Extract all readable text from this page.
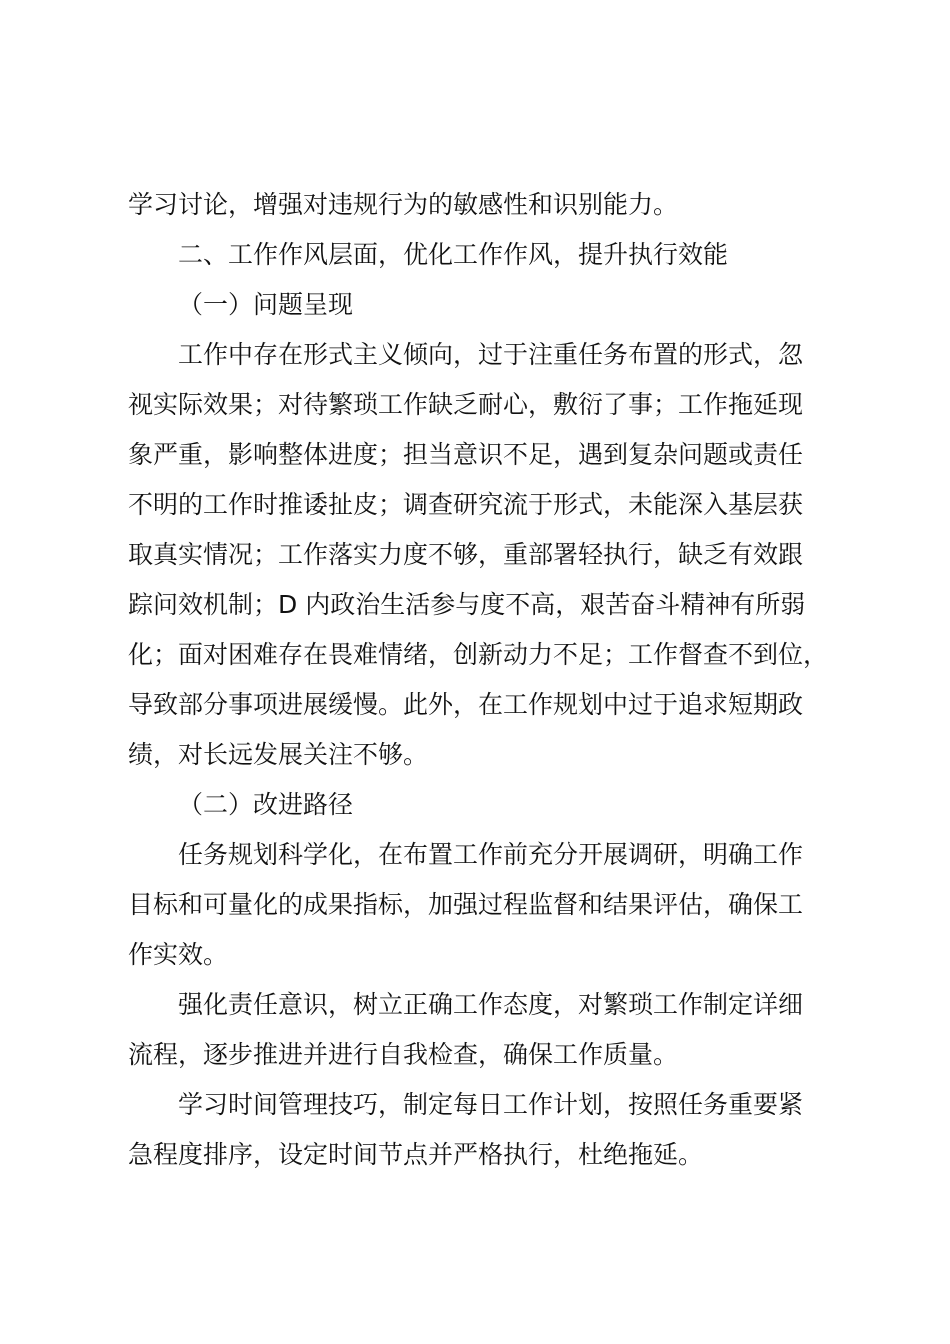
学习讨论，增强对违规行为的敏感性和识别能力。
二、工作作风层面，优化工作作风，提升执行效能
（一）问题呈现
工作中存在形式主义倾向，过于注重任务布置的形式，忽
视实际效果；对待繁琐工作缺乏耐心，敷衍了事；工作拖延现
象严重，影响整体进度；担当意识不足，遇到复杂问题或责任
不明的工作时推诿扯皮；调查研究流于形式，未能深入基层获
取真实情况；工作落实力度不够，重部署轻执行，缺乏有效跟
踪问效机制；D 内政治生活参与度不高，艰苦奋斗精神有所弱
化；面对困难存在畏难情绪，创新动力不足；工作督查不到位，
导致部分事项进展缓慢。此外，在工作规划中过于追求短期政
绩，对长远发展关注不够。
（二）改进路径
任务规划科学化，在布置工作前充分开展调研，明确工作
目标和可量化的成果指标，加强过程监督和结果评估，确保工
作实效。
强化责任意识，树立正确工作态度，对繁琐工作制定详细
流程，逐步推进并进行自我检查，确保工作质量。
学习时间管理技巧，制定每日工作计划，按照任务重要紧
急程度排序，设定时间节点并严格执行，杜绝拖延。
